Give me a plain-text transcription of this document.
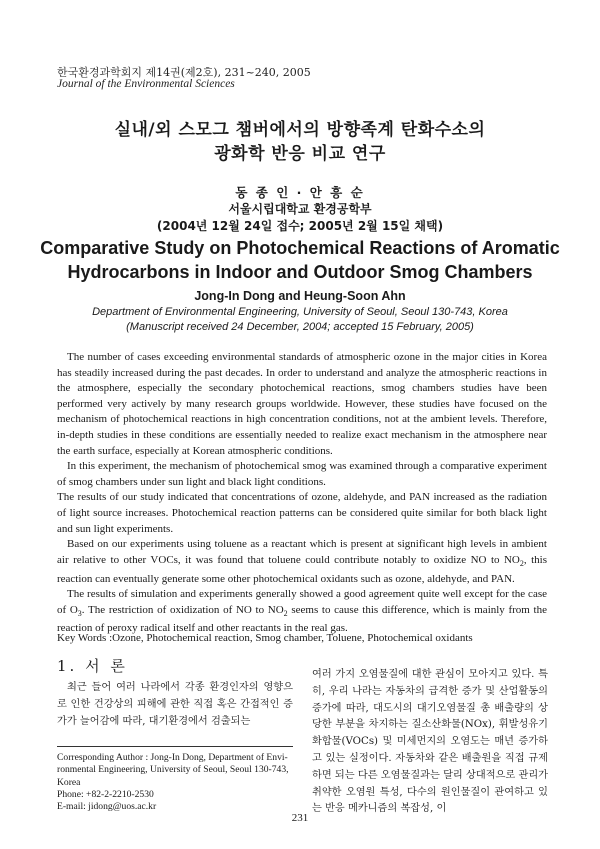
한국환경과학회지 제14권(제2호), 231~240, 2005
Journal of the Environmental Sciences
실내/외 스모그 챔버에서의 방향족계 탄화수소의
광화학 반응 비교 연구
동 종 인 · 안 흥 순
서울시립대학교 환경공학부
(2004년 12월 24일 접수; 2005년 2월 15일 채택)
Comparative Study on Photochemical Reactions of Aromatic
Hydrocarbons in Indoor and Outdoor Smog Chambers
Jong-In Dong and Heung-Soon Ahn
Department of Environmental Engineering, University of Seoul, Seoul 130-743, Korea
(Manuscript received 24 December, 2004; accepted 15 February, 2005)

The number of cases exceeding environmental standards of atmospheric ozone in the major cities in Korea has steadily increased during the past decades. In order to understand and analyze the atmospheric reactions in the atmosphere, especially the secondary photochemical reactions, smog chambers studies have been performed very actively by many research groups worldwide. However, these studies have focused on the mechanism of photochemical reactions in high concentration conditions, not at the ambient levels. Therefore, in-depth studies in these conditions are essentially needed to realize exact mechanism in the atmosphere near the earth surface, especially at Korean atmospheric conditions.

In this experiment, the mechanism of photochemical smog was examined through a comparative experiment of smog chambers under sun light and black light conditions.

The results of our study indicated that concentrations of ozone, aldehyde, and PAN increased as the radiation of light source increases. Photochemical reaction patterns can be considered quite similar for both black light and sun light experiments.

Based on our experiments using toluene as a reactant which is present at significant high levels in ambient air relative to other VOCs, it was found that toluene could contribute notably to oxidize NO to $NO_2$, this reaction can eventually generate some other photochemical oxidants such as ozone, aldehyde, and PAN.

The results of simulation and experiments generally showed a good agreement quite well except for the case of $O_3$. The restriction of oxidization of NO to $NO_2$ seems to cause this difference, which is mainly from the reaction of peroxy radical itself and other reactants in the real gas.

Key Words :Ozone, Photochemical reaction, Smog chamber, Toluene, Photochemical oxidants
1. 서 론

최근 들어 여러 나라에서 각종 환경인자의 영향으로 인한 건강상의 피해에 관한 직접 혹은 간접적인 증가가 늘어감에 따라, 대기환경에서 검출되는

여러 가지 오염물질에 대한 관심이 모아지고 있다. 특히, 우리 나라는 자동차의 급격한 증가 및 산업활동의 증가에 따라, 대도시의 대기오염물질 총 배출량의 상당한 부분을 차지하는 질소산화물(NOx), 휘발성유기화합물(VOCs) 및 미세먼지의 오염도는 매년 증가하고 있는 실정이다. 자동차와 같은 배출원을 직접 규제하면 되는 다른 오염물질과는 달리 상대적으로 관리가 취약한 오염원 특성, 다수의 원인물질이 관여하고 있는 반응 메카니즘의 복잡성, 이

Corresponding Author : Jong-In Dong, Department of Envi-
ronmental Engineering, University of Seoul, Seoul 130-743,
Korea
Phone: +82-2-2210-2530
E-mail: jidong@uos.ac.kr
231
